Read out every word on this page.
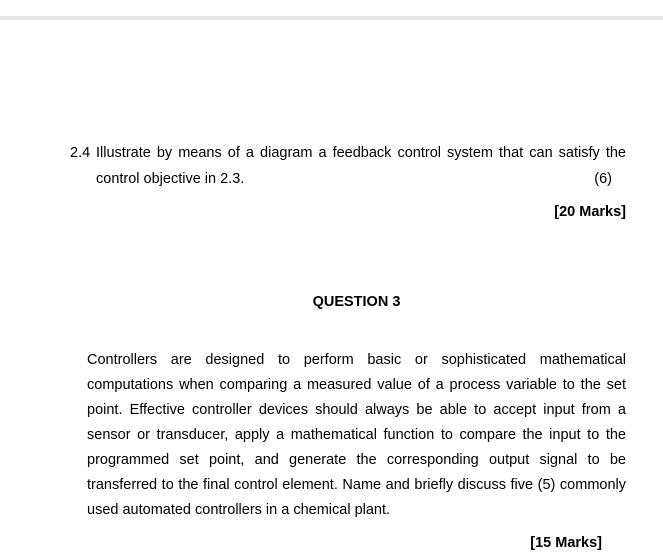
2.4 Illustrate by means of a diagram a feedback control system that can satisfy the
control objective in 2.3.	(6)
[20 Marks]
QUESTION 3

Controllers are designed to perform basic or sophisticated mathematical computations when comparing a measured value of a process variable to the set point. Effective controller devices should always be able to accept input from a sensor or transducer, apply a mathematical function to compare the input to the programmed set point, and generate the corresponding output signal to be transferred to the final control element. Name and briefly discuss five (5) commonly used automated controllers in a chemical plant.

[15 Marks]
